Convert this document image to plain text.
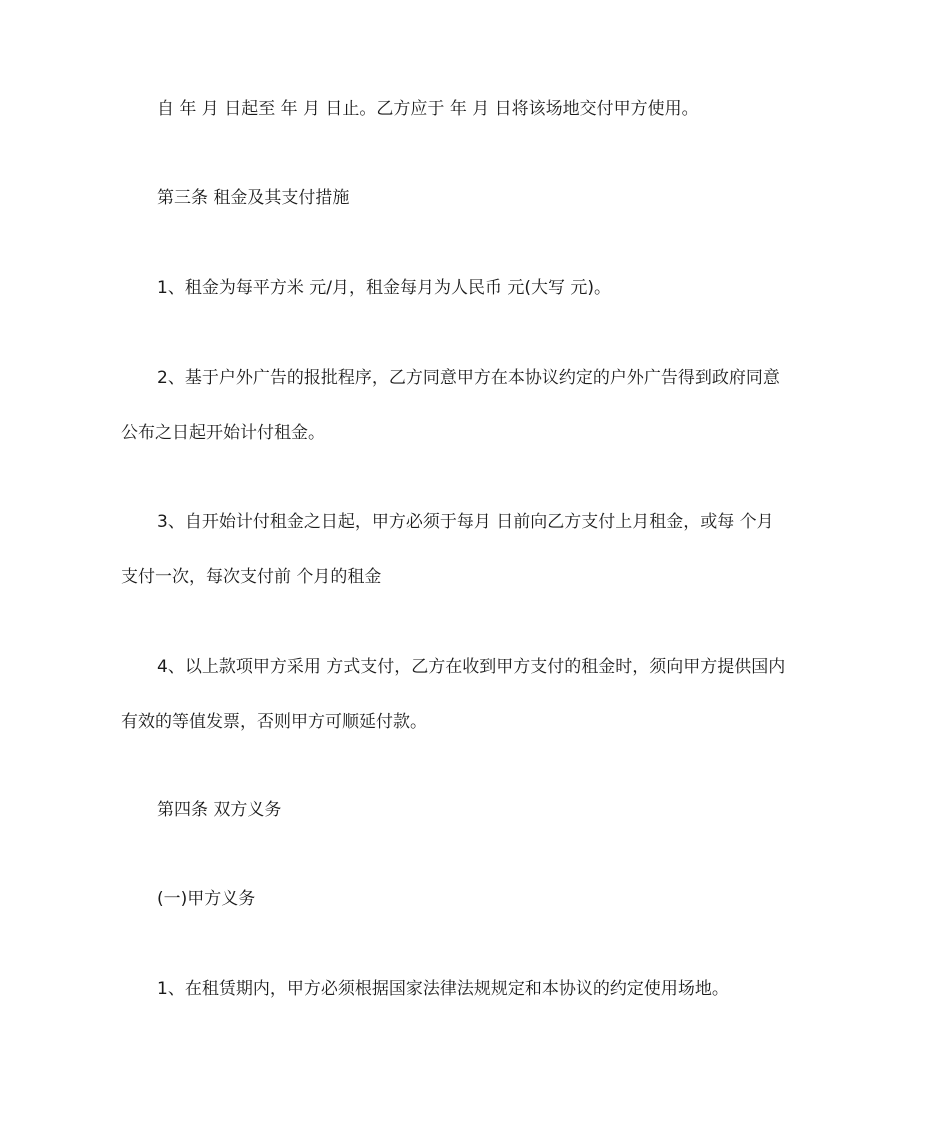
自 年 月 日起至 年 月 日止。乙方应于 年 月 日将该场地交付甲方使用。
第三条 租金及其支付措施
1、租金为每平方米 元/月，租金每月为人民币 元(大写 元)。
2、基于户外广告的报批程序，乙方同意甲方在本协议约定的户外广告得到政府同意
公布之日起开始计付租金。
3、自开始计付租金之日起，甲方必须于每月 日前向乙方支付上月租金，或每 个月
支付一次，每次支付前 个月的租金
4、以上款项甲方采用 方式支付，乙方在收到甲方支付的租金时，须向甲方提供国内
有效的等值发票，否则甲方可顺延付款。
第四条 双方义务
(一)甲方义务
1、在租赁期内，甲方必须根据国家法律法规规定和本协议的约定使用场地。
